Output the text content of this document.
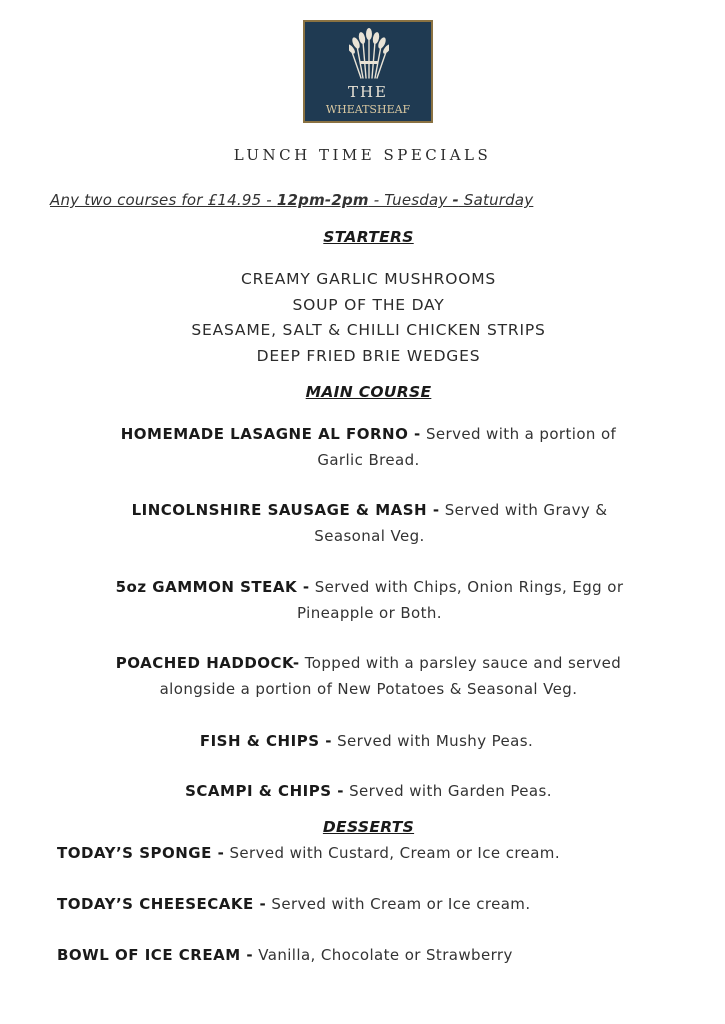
THE
WHEATSHEAF
LUNCH TIME SPECIALS
Any two courses for £14.95 - 12pm-2pm - Tuesday - Saturday
STARTERS
CREAMY GARLIC MUSHROOMS
SOUP OF THE DAY
SEASAME, SALT & CHILLI CHICKEN STRIPS
DEEP FRIED BRIE WEDGES
MAIN COURSE
HOMEMADE LASAGNE AL FORNO - Served with a portion of
Garlic Bread.
LINCOLNSHIRE SAUSAGE & MASH - Served with Gravy &
Seasonal Veg.
5oz GAMMON STEAK - Served with Chips, Onion Rings, Egg or
Pineapple or Both.
POACHED HADDOCK- Topped with a parsley sauce and served
alongside a portion of New Potatoes & Seasonal Veg.
FISH & CHIPS - Served with Mushy Peas.
SCAMPI & CHIPS - Served with Garden Peas.
DESSERTS
TODAY’S SPONGE - Served with Custard, Cream or Ice cream.
TODAY’S CHEESECAKE - Served with Cream or Ice cream.
BOWL OF ICE CREAM - Vanilla, Chocolate or Strawberry
